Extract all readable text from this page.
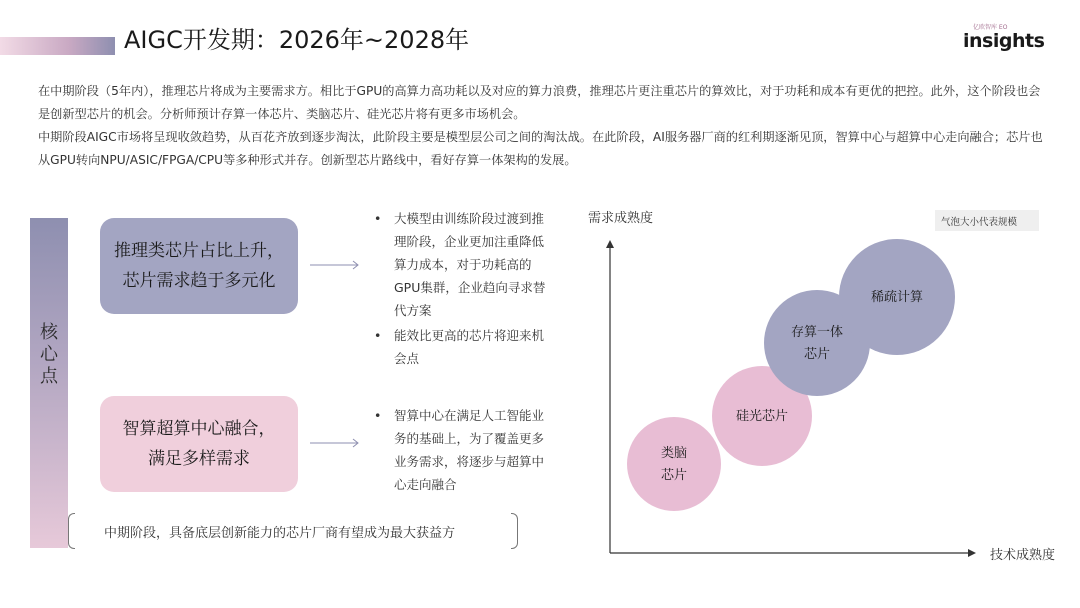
AIGC开发期：2026年~2028年	亿欧智库 EO
insights

在中期阶段（5年内），推理芯片将成为主要需求方。相比于GPU的高算力高功耗以及对应的算力浪费，推理芯片更注重芯片的算效比，对于功耗和成本有更优的把控。此外，这个阶段也会是创新型芯片的机会。分析师预计存算一体芯片、类脑芯片、硅光芯片将有更多市场机会。

中期阶段AIGC市场将呈现收敛趋势，从百花齐放到逐步淘汰，此阶段主要是模型层公司之间的淘汰战。在此阶段，AI服务器厂商的红利期逐渐见顶，智算中心与超算中心走向融合；芯片也从GPU转向NPU/ASIC/FPGA/CPU等多种形式并存。创新型芯片路线中，看好存算一体架构的发展。

核
心
点
推理类芯片占比上升，
芯片需求趋于多元化
• 大模型由训练阶段过渡到推理阶段，企业更加注重降低算力成本，对于功耗高的GPU集群，企业趋向寻求替代方案
• 能效比更高的芯片将迎来机会点
智算超算中心融合，
满足多样需求
• 智算中心在满足人工智能业务的基础上，为了覆盖更多业务需求，将逐步与超算中心走向融合
中期阶段，具备底层创新能力的芯片厂商有望成为最大获益方
需求成熟度
技术成熟度
气泡大小代表规模
类脑
芯片
硅光芯片
存算一体
芯片
稀疏计算
